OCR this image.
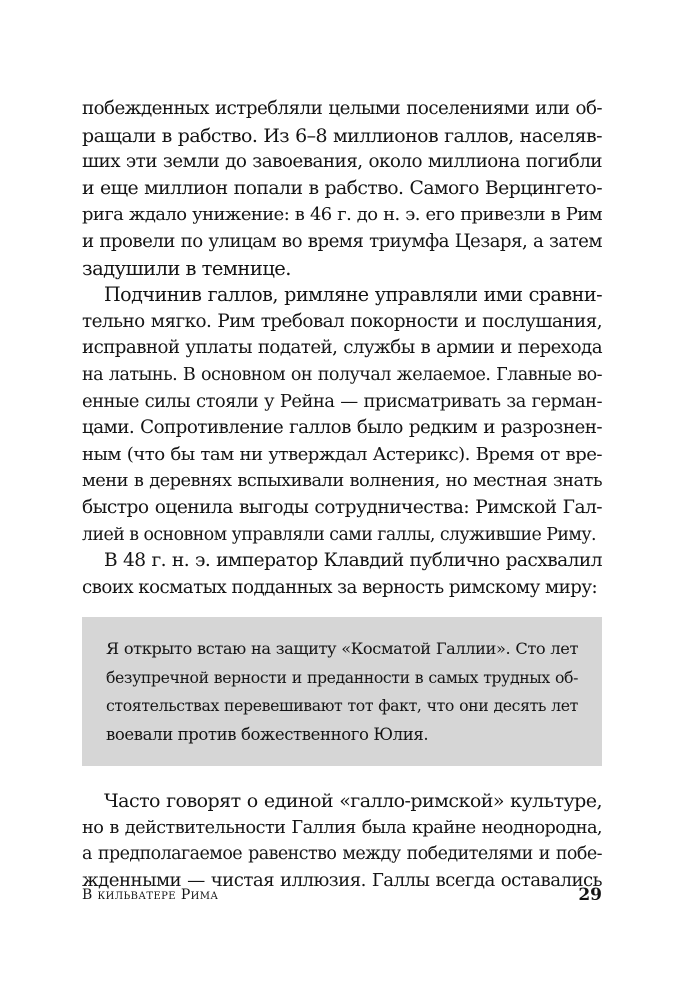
побежденных истребляли целыми поселениями или об-
ращали в рабство. Из 6–8 миллионов галлов, населяв-
ших эти земли до завоевания, около миллиона погибли
и еще миллион попали в рабство. Самого Верцингето-
рига ждало унижение: в 46 г. до н. э. его привезли в Рим
и провели по улицам во время триумфа Цезаря, а затем
задушили в темнице.

Подчинив галлов, римляне управляли ими сравни-
тельно мягко. Рим требовал покорности и послушания,
исправной уплаты податей, службы в армии и перехода
на латынь. В основном он получал желаемое. Главные во-
енные силы стояли у Рейна — присматривать за герман-
цами. Сопротивление галлов было редким и разрознен-
ным (что бы там ни утверждал Астерикс). Время от вре-
мени в деревнях вспыхивали волнения, но местная знать
быстро оценила выгоды сотрудничества: Римской Гал-
лией в основном управляли сами галлы, служившие Риму.

В 48 г. н. э. император Клавдий публично расхвалил
своих косматых подданных за верность римскому миру:

Я открыто встаю на защиту «Косматой Галлии». Сто лет
безупречной верности и преданности в самых трудных об-
стоятельствах перевешивают тот факт, что они десять лет
воевали против божественного Юлия.

Часто говорят о единой «галло-римской» культуре,
но в действительности Галлия была крайне неоднородна,
а предполагаемое равенство между победителями и побе-
жденными — чистая иллюзия. Галлы всегда оставались

В кильватере Рима	29
